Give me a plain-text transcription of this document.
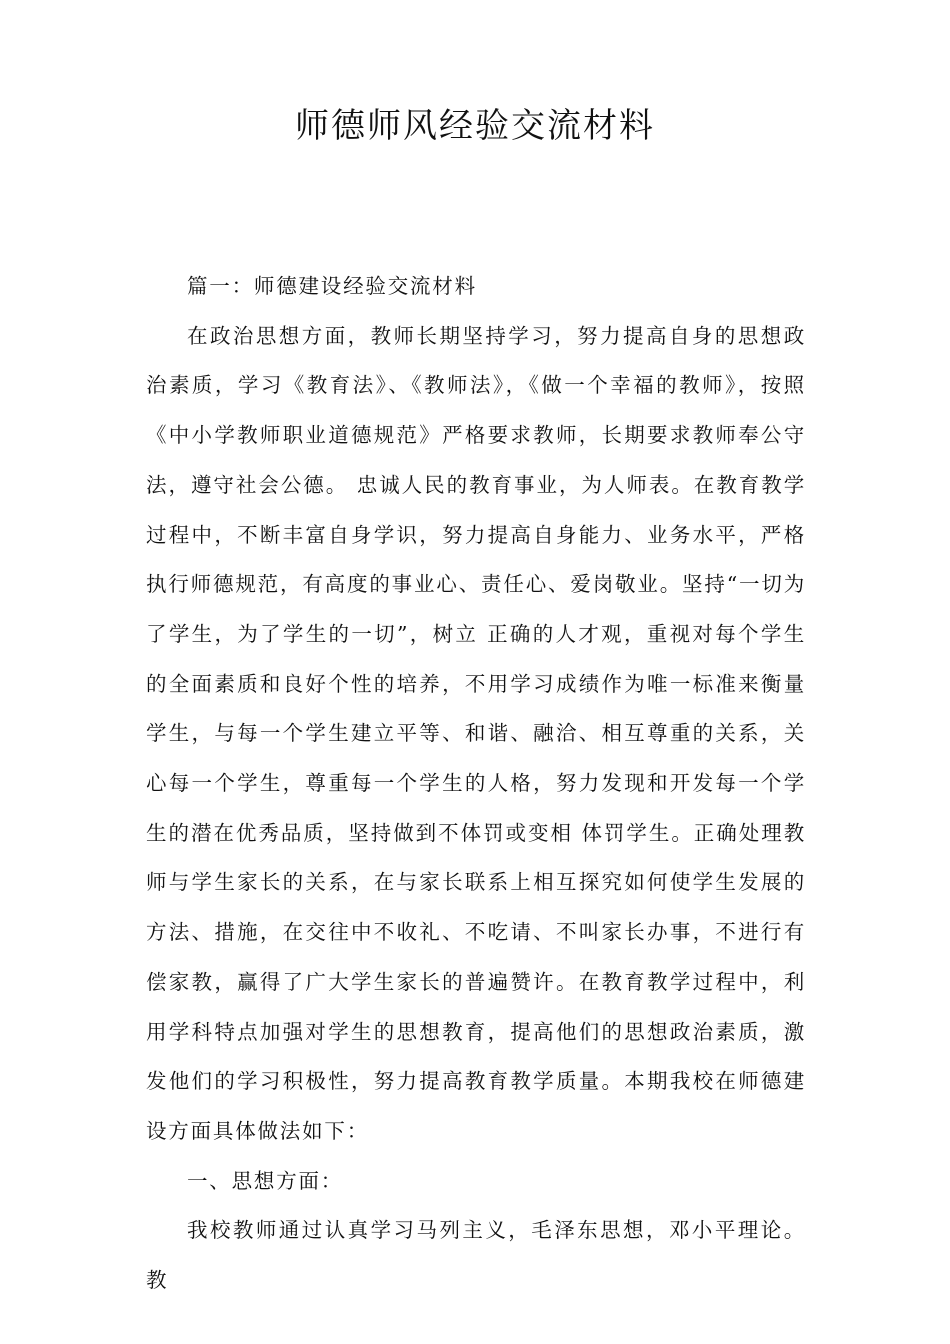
师德师风经验交流材料

篇一：师德建设经验交流材料

在政治思想方面，教师长期坚持学习，努力提高自身的思想政治素质，学习《教育法》、《教师法》，《做一个幸福的教师》，按照《中小学教师职业道德规范》严格要求教师，长期要求教师奉公守法，遵守社会公德。 忠诚人民的教育事业，为人师表。在教育教学过程中，不断丰富自身学识，努力提高自身能力、业务水平，严格执行师德规范，有高度的事业心、责任心、爱岗敬业。坚持“一切为了学生，为了学生的一切”，树立 正确的人才观，重视对每个学生的全面素质和良好个性的培养，不用学习成绩作为唯一标准来衡量学生，与每一个学生建立平等、和谐、融洽、相互尊重的关系，关心每一个学生，尊重每一个学生的人格，努力发现和开发每一个学生的潜在优秀品质，坚持做到不体罚或变相 体罚学生。正确处理教师与学生家长的关系，在与家长联系上相互探究如何使学生发展的方法、措施，在交往中不收礼、不吃请、不叫家长办事，不进行有偿家教，赢得了广大学生家长的普遍赞许。在教育教学过程中，利用学科特点加强对学生的思想教育，提高他们的思想政治素质，激发他们的学习积极性，努力提高教育教学质量。本期我校在师德建设方面具体做法如下：

一、思想方面：

我校教师通过认真学习马列主义，毛泽东思想，邓小平理论。教
